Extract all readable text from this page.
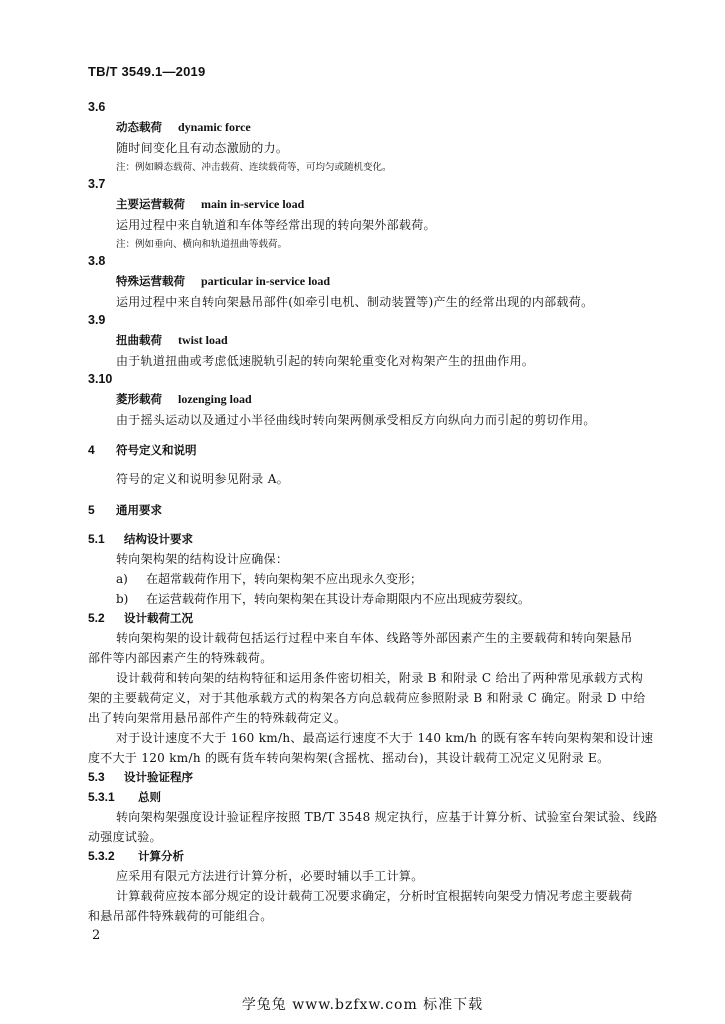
TB/T 3549.1—2019
3.6
动态载荷 dynamic force
随时间变化且有动态激励的力。
注：例如瞬态载荷、冲击载荷、连续载荷等，可均匀或随机变化。
3.7
主要运营载荷 main in-service load
运用过程中来自轨道和车体等经常出现的转向架外部载荷。
注：例如垂向、横向和轨道扭曲等载荷。
3.8
特殊运营载荷 particular in-service load
运用过程中来自转向架悬吊部件(如牵引电机、制动装置等)产生的经常出现的内部载荷。
3.9
扭曲载荷 twist load
由于轨道扭曲或考虑低速脱轨引起的转向架轮重变化对构架产生的扭曲作用。
3.10
菱形载荷 lozenging load
由于摇头运动以及通过小半径曲线时转向架两侧承受相反方向纵向力而引起的剪切作用。
4 符号定义和说明
符号的定义和说明参见附录 A。
5 通用要求
5.1 结构设计要求
转向架构架的结构设计应确保：
a) 在超常载荷作用下，转向架构架不应出现永久变形；
b) 在运营载荷作用下，转向架构架在其设计寿命期限内不应出现疲劳裂纹。
5.2 设计载荷工况
转向架构架的设计载荷包括运行过程中来自车体、线路等外部因素产生的主要载荷和转向架悬吊
部件等内部因素产生的特殊载荷。
设计载荷和转向架的结构特征和运用条件密切相关，附录 B 和附录 C 给出了两种常见承载方式构
架的主要载荷定义，对于其他承载方式的构架各方向总载荷应参照附录 B 和附录 C 确定。附录 D 中给
出了转向架常用悬吊部件产生的特殊载荷定义。
对于设计速度不大于 160 km/h、最高运行速度不大于 140 km/h 的既有客车转向架构架和设计速
度不大于 120 km/h 的既有货车转向架构架(含摇枕、摇动台)，其设计载荷工况定义见附录 E。
5.3 设计验证程序
5.3.1 总则
转向架构架强度设计验证程序按照 TB/T 3548 规定执行，应基于计算分析、试验室台架试验、线路
动强度试验。
5.3.2 计算分析
应采用有限元方法进行计算分析，必要时辅以手工计算。
计算载荷应按本部分规定的设计载荷工况要求确定，分析时宜根据转向架受力情况考虑主要载荷
和悬吊部件特殊载荷的可能组合。
2
学兔兔 www.bzfxw.com 标准下载
